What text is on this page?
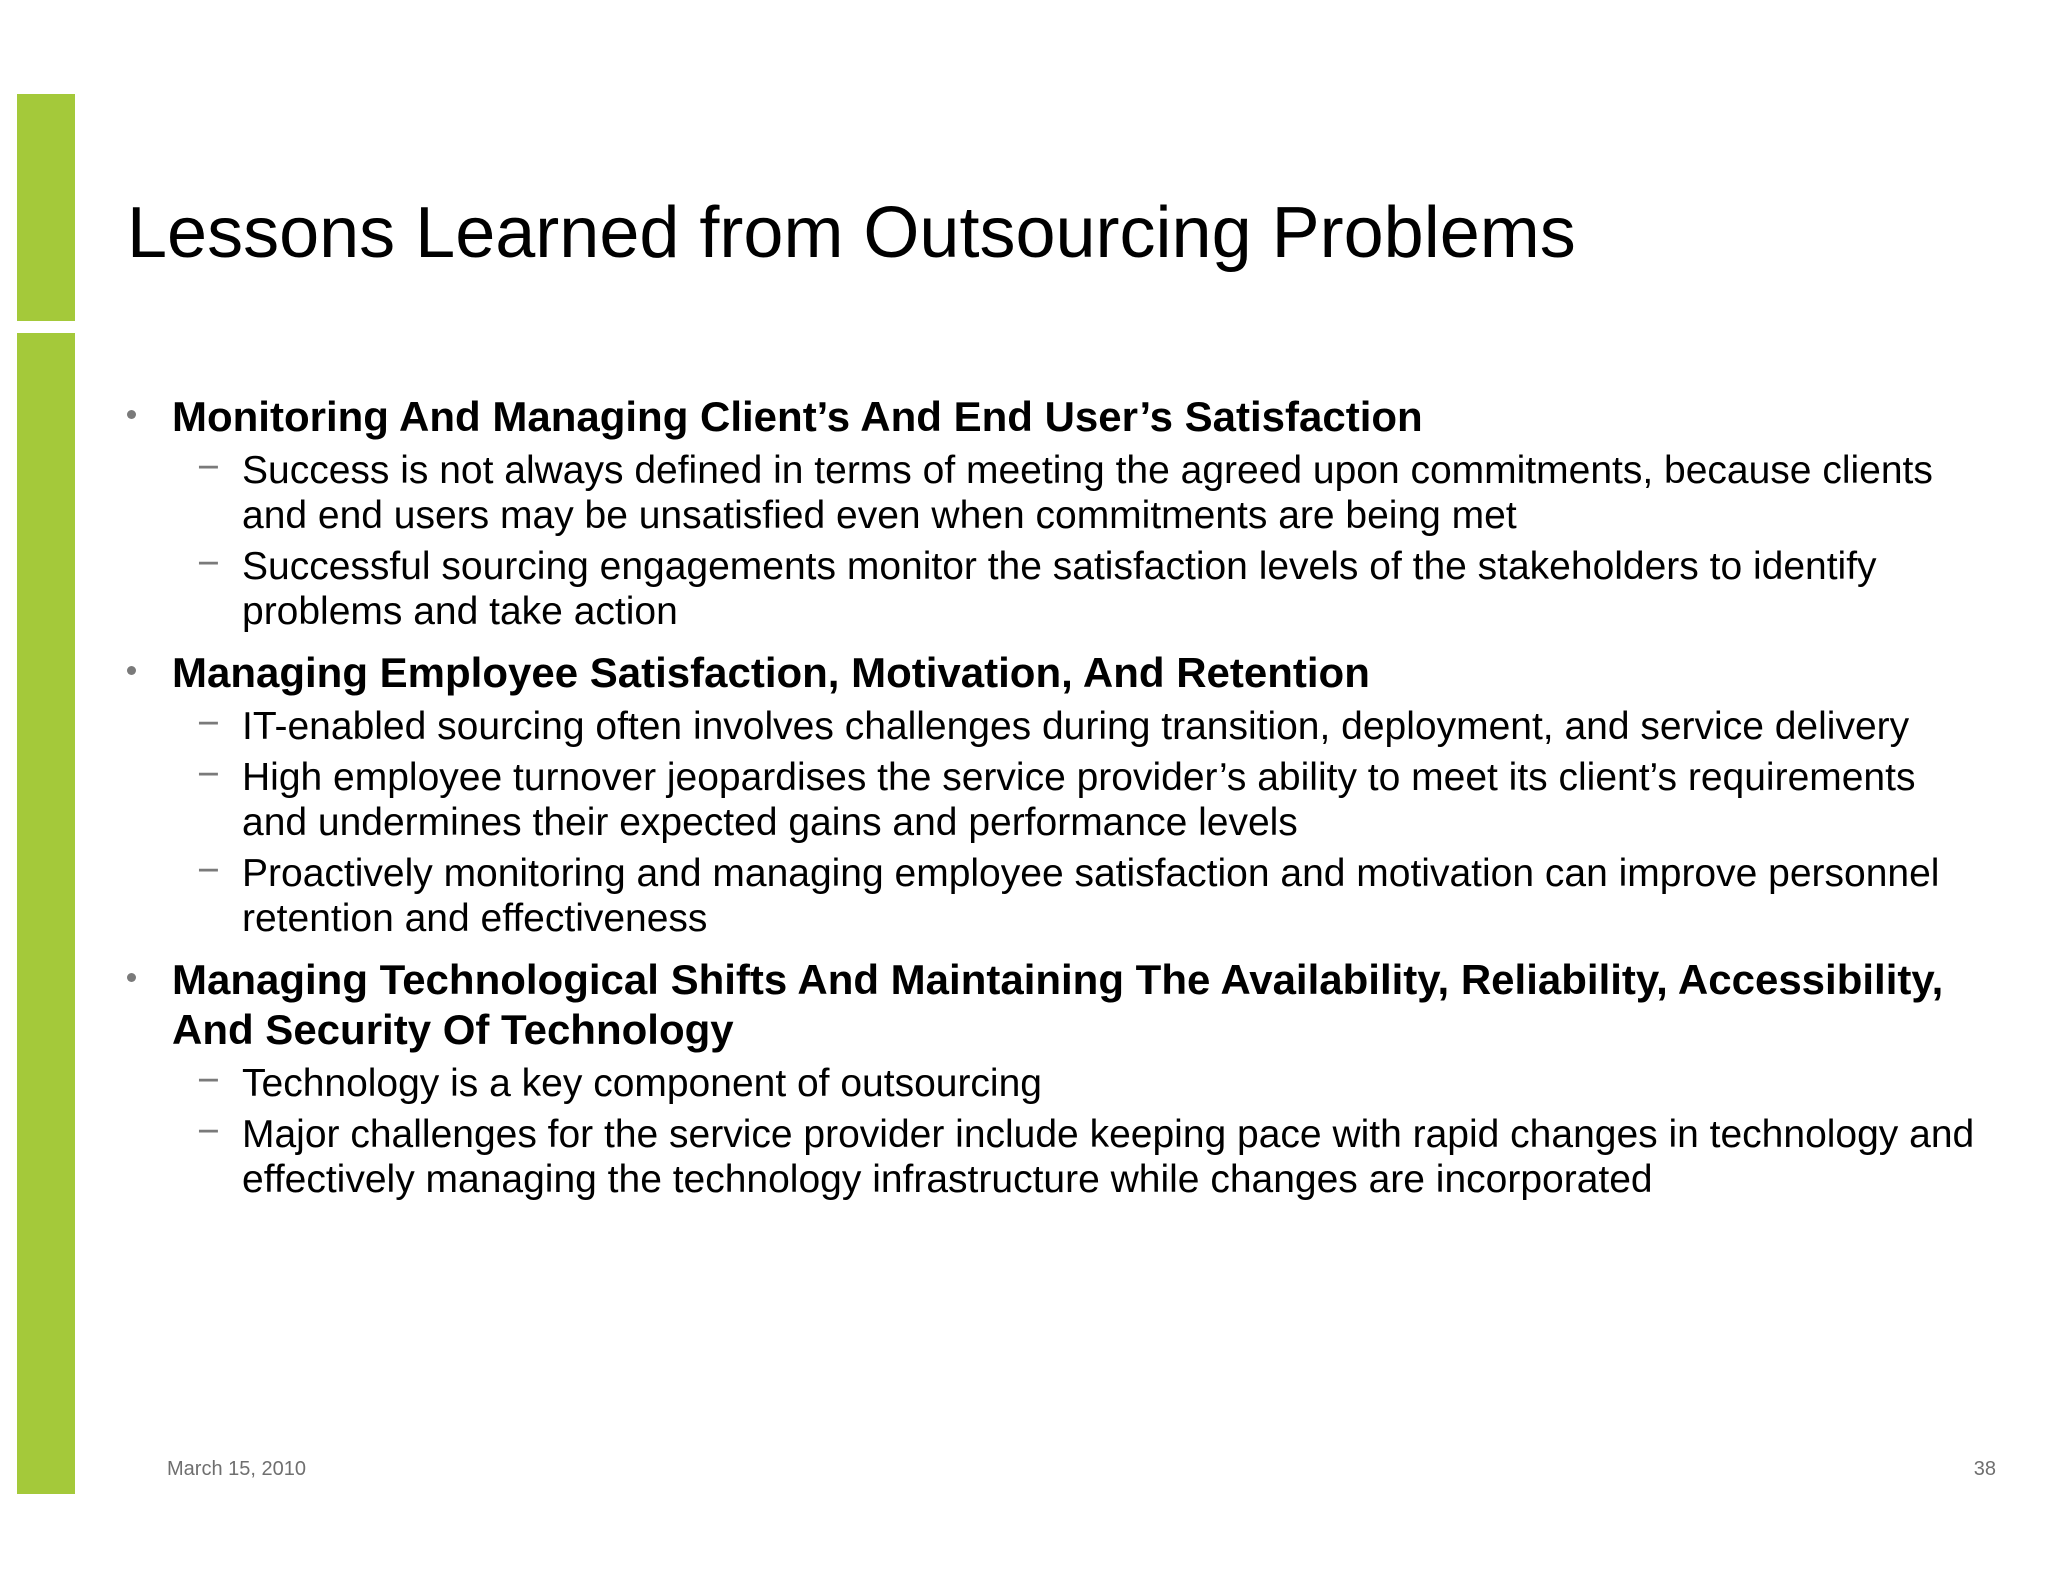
Lessons Learned from Outsourcing Problems
Monitoring And Managing Client’s And End User’s Satisfaction
− Success is not always defined in terms of meeting the agreed upon commitments, because clients and end users may be unsatisfied even when commitments are being met
− Successful sourcing engagements monitor the satisfaction levels of the stakeholders to identify problems and take action
Managing Employee Satisfaction, Motivation, And Retention
− IT-enabled sourcing often involves challenges during transition, deployment, and service delivery
− High employee turnover jeopardises the service provider’s ability to meet its client’s requirements and undermines their expected gains and performance levels
− Proactively monitoring and managing employee satisfaction and motivation can improve personnel retention and effectiveness
Managing Technological Shifts And Maintaining The Availability, Reliability, Accessibility, And Security Of Technology
− Technology is a key component of outsourcing
− Major challenges for the service provider include keeping pace with rapid changes in technology and effectively managing the technology infrastructure while changes are incorporated
March 15, 2010	38
